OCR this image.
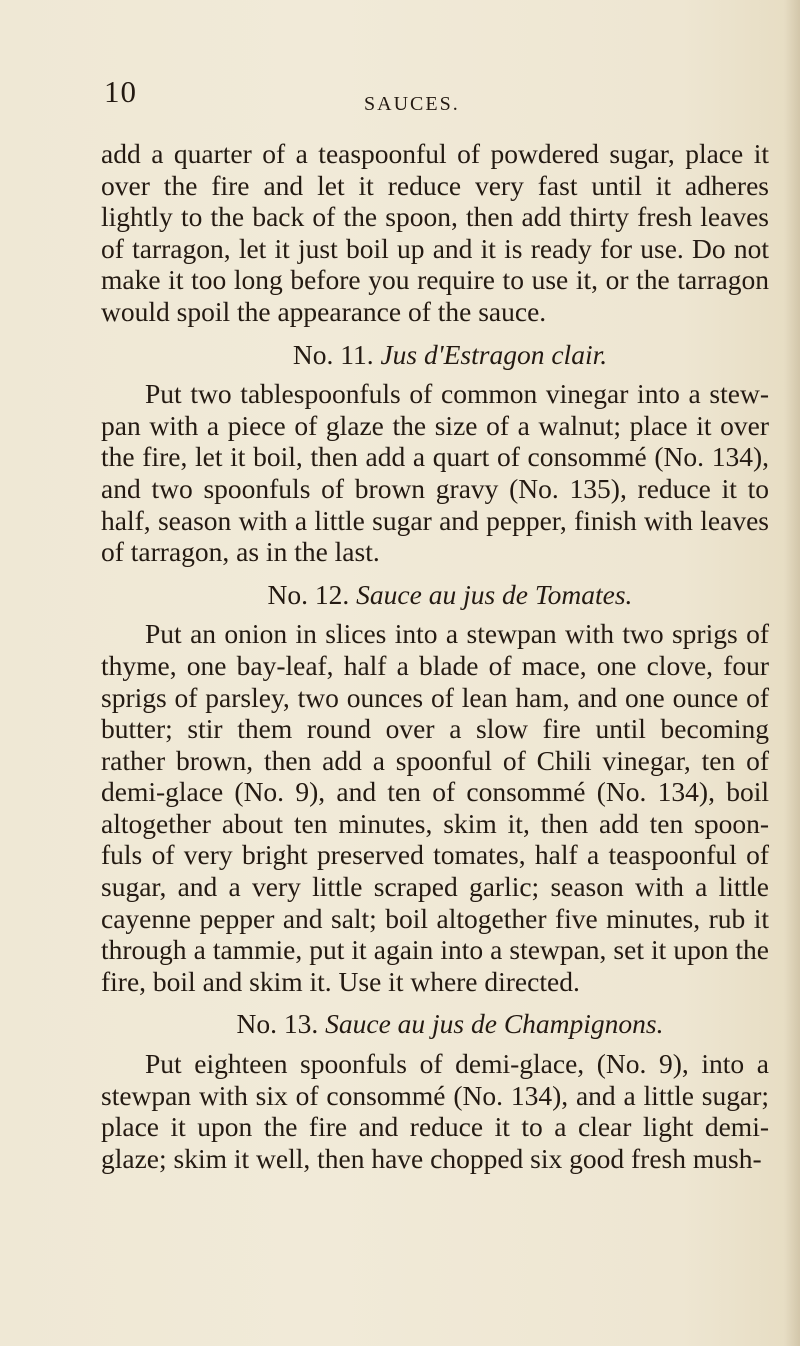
10	SAUCES.

add a quarter of a teaspoonful of powdered sugar, place it over the fire and let it reduce very fast until it adheres lightly to the back of the spoon, then add thirty fresh leaves of tarragon, let it just boil up and it is ready for use. Do not make it too long before you require to use it, or the tarragon would spoil the appearance of the sauce.

No. 11. Jus d'Estragon clair.

Put two tablespoonfuls of common vinegar into a stew-pan with a piece of glaze the size of a walnut; place it over the fire, let it boil, then add a quart of consommé (No. 134), and two spoonfuls of brown gravy (No. 135), reduce it to half, season with a little sugar and pepper, finish with leaves of tarragon, as in the last.

No. 12. Sauce au jus de Tomates.

Put an onion in slices into a stewpan with two sprigs of thyme, one bay-leaf, half a blade of mace, one clove, four sprigs of parsley, two ounces of lean ham, and one ounce of butter; stir them round over a slow fire until becoming rather brown, then add a spoonful of Chili vinegar, ten of demi-glace (No. 9), and ten of consommé (No. 134), boil altogether about ten minutes, skim it, then add ten spoon-fuls of very bright preserved tomates, half a teaspoonful of sugar, and a very little scraped garlic; season with a little cayenne pepper and salt; boil altogether five minutes, rub it through a tammie, put it again into a stewpan, set it upon the fire, boil and skim it. Use it where directed.

No. 13. Sauce au jus de Champignons.

Put eighteen spoonfuls of demi-glace, (No. 9), into a stewpan with six of consommé (No. 134), and a little sugar; place it upon the fire and reduce it to a clear light demi-glaze; skim it well, then have chopped six good fresh mush-
